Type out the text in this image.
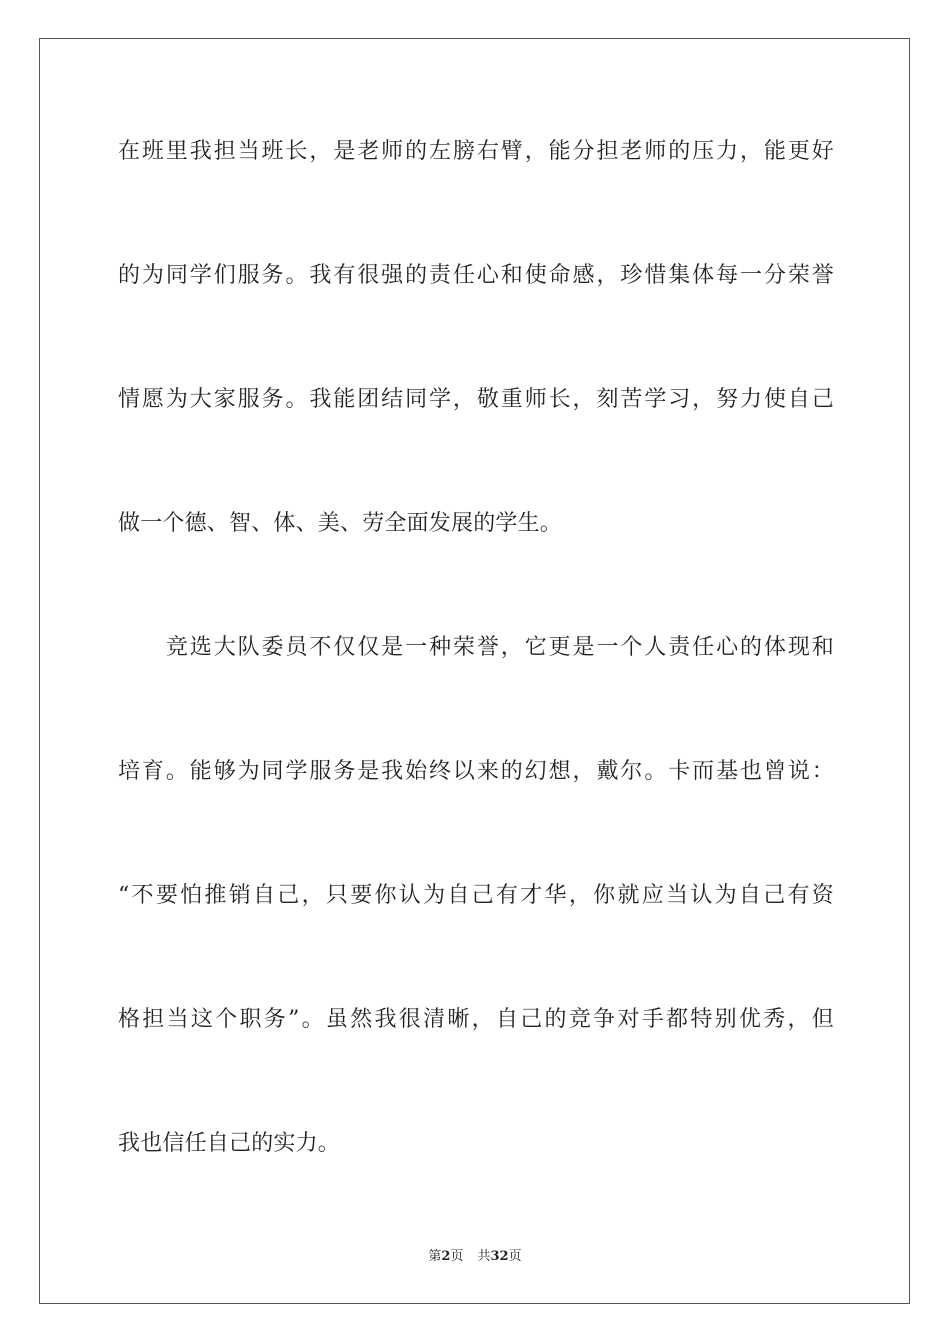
在班里我担当班长，是老师的左膀右臂，能分担老师的压力，能更好
的为同学们服务。我有很强的责任心和使命感，珍惜集体每一分荣誉
情愿为大家服务。我能团结同学，敬重师长，刻苦学习，努力使自己
做一个德、智、体、美、劳全面发展的学生。
　　竞选大队委员不仅仅是一种荣誉，它更是一个人责任心的体现和
培育。能够为同学服务是我始终以来的幻想，戴尔。卡而基也曾说：
“不要怕推销自己，只要你认为自己有才华，你就应当认为自己有资
格担当这个职务”。虽然我很清晰，自己的竞争对手都特别优秀，但
我也信任自己的实力。
第2页 共32页
